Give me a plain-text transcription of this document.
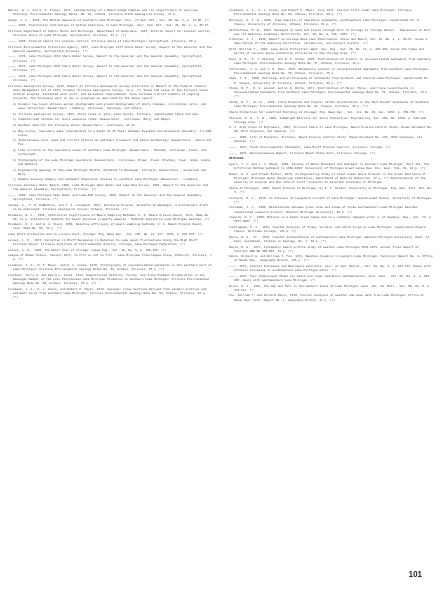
Wenner, W. C. and G. E. Fraser, 1971, Sedimentology of a Beach Ridge Complex and its significance in Land-use Planning: Environmental Geology Notes, No. 43, Urbana, Illinois State Geological Survey, 31 p.
Gough, J. L., 1970, The Bottom Deposits of Southern Lake Michigan: Jour. of Sed. Pet., Vol. 40, No. 2, p. 73-80. (*)
————, 1956, Preliminary indications of bottom materials in Lake Michigan: Jour. Sed. Pet., Vol. 26, No. 1, p. 36-37.
Illinois Department of Public Works and Buildings, Department of Waterways, 1953, Interim report for erosion control, Illinois Shore of Lake Michigan: Springfield, Illinois, 33 p. (*)
————, 1958, Interim report for erosion control, Illinois Shore of Lake Michigan: Springfield, Illinois, 59 p.
Illinois Environmental Protection Agency, 1973, Lake Michigan 1973 Shore Water Survey, Report to the Governor and the General Assembly, Springfield,Illinois. (*)
————, 1974, Lake Michigan 1974 Shore Water Survey, Report to the Governor and the General Assembly, Springfield, Illinois. (*)
————, 1975, Lake Michigan 1975 Shore Water Survey, Report to the Governor and the General Assembly, Springfield, Illinois. (*)
————, 1976, Lake Michigan 1976 Shore Water Survey, Report to the Governor and the General Assembly, Springfield, Illinois. (*)
Illinois Geological Survey, 1976, Report of Illinois Geological Survey Activities in Behalf of the Federal Coastal Zone Management Act of 1972, Urbana: Illinois Geological Survey, 12 p. (*) Shows the scope of the Illinois shore erosion program, estimated work costs, and personnel requirements. Also includes a brief summary of ongoing projects. The following work is now in progress as described by the above report:
a) Dynamic low level oblique aerial photography and ground photography of shore changes, circulation cells, and wave refraction: Researchers - Shabica, Collinson, Jennings, and others.
b) Illinois Geological Survey, 1975, Shore lines or gate, Lake County, Illinois, unpublished table and map.
c) Computerized studies for shore sequence rates: Researchers - Collinson, Berg, and Megan.
d) Weather data for the Illinois shore: Researchers - Collinson, et al.
e) Bay survey, nearshore maps (standardize to a depth of 25 feet) between Evanston and Wisconsin boundary, 1:1,600 scale.
f) Simultaneous wind, wave and current effects on sediment transport and beach morphology: Researchers - Davis and Fox.
g) Lake currents in the nearshore areas of southern Lake Michigan: Researchers - Monahan, Collinson, Green, and Cartwright.
h) Hydrography of the Lake Michigan nearshore: Researchers - Collinson, Brown, Olson, Bradley, Visor, Wade, Grebe, and Watkins.
i) Engineering geology of the Lake Michigan Bluffs, Wilmette to Waukegan, Illinois: Researchers - Gustavson and Berg.
j) Remote sensing imagery and sediment dispersion studies in southern Lake Michigan: Researcher - Lineback.
Illinois Sanitary Water Board, 1966, Lake Michigan Open Water and Lake Bed Survey, 1966, Report to the Governor and the General Assembly, Springfield, Illinois. (*)
————, 1969, Lake Michigan Open Water and Lake Bed Survey, 1969, Report to the Governor and the General Assembly, Springfield, Illinois. (*)
Jacobs, A., F. H. DeBettlin, and J. A. Lineback, 1971, Shoreline Erosion, Wilmette to Waukegan, a preliminary draft to be published: Illinois Geological Survey, Urbana, Illinois. (*)
Klumbers, W. C., 1956, Statistical Significance of Beach Sampling Methods: U. S. Beach Erosion Board, Tech. Memo No. 90, 11 p. Statistical methods for beach physical property samples - Methods applied to Lake Michigan beaches. (*)
Krumbein, W. C. and W. A. Slack, 1956, Relative efficiency of beach sampling methods: U. S. Beach Erosion Board, Tech. Memo No. 90, 34 p. (*)
Lake Shore Protection and in Lincoln Park, Chicago: Eng. News Rec., Vol. 105, No. 15, Oct. 1930, p. 576-578. (*)
Larsen, C. E., 1973, Variation in Bluff Recession in Relation to Lake Level Fluctuations Along the High Bluff Illinois Shore: Illinois Institute of Environmental Quality, Chicago, Lake Michigan Federation. (*)
Larsen, A. H., 1928, The Water Plan of Chicago: Lakes Eng., Vol. 19, No. 5, p. 190-195. (*)
League of Women Voters, January 1973, To Fill or not to Fill - Lake Michigan Interleague Group, Elmhurst, Illinois, 7 p. (*)
Lineback, J. A., W. F. Bayer, and D. L. Gross, 1970, Stratigraphy of unconsolidated sediments in the southern part of Lake Michigan: Illinois Environmental Geology Notes No. 35, Urbana, Illinois, 35 p. (*)
Lineback, Jerry A. and David L. Gross, 1972, Depositional Patterns, Facies, and Trace Element Accumulation in the Waukegan Member of the Late Pleistocene Lake Michigan Formation in Southern Lake Michigan: Illinois Environmental Geology Note No. 58, Urbana, Illinois, 25 p. (*)
Lineback, J. A., D. L. Gross, and Robert P. Meyer, 1972, Geologic Cross Sections Derived from seismic profiles and sediment cores from southern Lake Michigan: Illinois Environmental Geology Note No. 54, Urbana, Illinois, 43 p. (*)
Lineback, J. A., D. L. Gross, and Robert P. Meyer, July 1974, Glacial Tills under Lake Michigan: Illinois Environmental Geology Note No. 69, Urbana, Illinois, 48 p. (*)
McCleary, D. F. W., 1966, Time analysis of nearshore sediments, southwestern Lake Michigan: unpublished Ph. D. thesis, University of Illinois, Urbana, Illinois, 91 p. (*)
Oertterhaus, M. W., 1963, Movement of Sand and Gravel through Port of Chicago to Chicago Harbor - Impression on Port and its Waterway problems: World Ports, Vol. 19, No. 4, Feb. 1955. (*)
O'Rourke, J. J., 1940, Report on Chicago Wave Tank Experiments: Shore and Beach, Vol. 10, No. 4, p. 92-97. Gives a description of the modeling facilities, reliability, and project history. (*)
Pitt, William T., 1925, Lake Shore Protection: West. Soc. Eng., Vol. 30, No. 11, p. 425-436. Gives the types and merits of various shore protection structures in the Chicago area. (*)
Ruch, R. R., E. J. Kennedy, and N. F. Shimp, 1970, Distribution of Arsenic in unconsolidated Sediments from Southern Lake Michigan: Environmental Geology Note No. 37, Urbana, Illinois, 16 p.
Schleicher, J. A. and J. K. Kuhn, 1970, Phosphorus Content in unconsolidated Sediments from Southern Lake Michigan: Environmental Geology Note No. 39, Urbana, Illinois, 15 p.
Shaw, J. E., 1968, Petrology and stratigraphy of Sediments from Southern and Central Lake Michigan: unpublished Ph. D. thesis, University of Illinois, Urbana, Illinois, 92 p. (*)
Shimp, N. F., H. V. Leland, and W. R. White, 1971, Distribution of Major, Minor, and Trace Constituents in Unconsolidated Sediments from Southern Lake Michigan: Environmental Geology Note No. 32, Urbana, Illinois, 19 p. (*)
Shimp, N. F., et al., 1970, Trace Elements and Organic Carbon Accumulation in the Most Recent Sediments of Southern Lake Michigan: Environmental Geology Note No. 41, Urbana, Illinois, 25 p. (*)
Shore Protection for Lakefront Building at Chicago: Eng. News Rec., Vol. 111, No. 26, Dec. 1933, p. 765-766. (*)
Stevens, P. W., F. W., 1960, Submerged Barriers for Shore Protection: Engineering, Vol. 189, No. 4790, p. 226-229. Chicago area. (*)
U. S. Army Corps of Engineers, 1953, Illinois Shore of Lake Michigan, Beach Erosion Control Study: House Document No. 28, 83rd Congress, 1st Session. (*)
————, 1969, City of Evanston, Illinois, Beach Erosion Control Study: House Document No. 139, 90th Congress, 1st Session. (*)
————, 1971, Final Environmental Statement, Lake Bluff Erosion Control, Illinois: Chicago. (*)
————, 1972, Reconnaissance Report, Illinois Beach State Park, Illinois: Chicago. (*)
MICHIGAN
Ayers, J. C. and J. C. Hough, 1964, Studies of Water Movement and Sediment in southern Lake Michigan, Part III, The Artificial Bottom Sediment in 1962-1963: University of Michigan Great Lakes Res. Div. Spec. Pub. 19, 44 p. (*)
Bower, R. P. and Ernest Brater, 1970, An Engineering Study of Great Lakes Shore Erosion in the Great Peninsula of Michigan: Michigan Water Resources Commission, Department of Natural Resources, 47 p. (*) Determination of the severity of erosion and the rate of bluff recession at selected locations in Michigan.
State of Michigan, 1950, Beach Erosion in Michigan, by E. F. Brater: University of Michigan, Eng. Res. Inst. Pub. No. 5. (*)
Cartwick, R. C., 1970, An Analysis of Longshore Current of Lake Michigan: unpublished thesis, University of Michigan. (*)
Colleman, J. L., 1969, Relationship between grain size and slope of three southeastern Lake Michigan beaches: unpublished research project, Western Michigan University, 62 p. (*)
Cassidy, G. T., 1968, Motions in a model Great Lakes due to a suddenly imposed wind: J. of Geophys. Res., Vol. 73, p. 5977-5987. (*)
Cunningham, P. J., 1975, Coastal Analysis of Tides, Surface, and Storm Surge on Lake Michigan: unpublished Honors thesis, Williams College, 125 p. (*)
Davis, R. A., Jr., 1970, Coastal Sedimentation of southeastern Lake Michigan: Western Michigan University, Dept. of Geol. Guidebook, Studies in Geology, No. 1, 50 p. (*)
Davis, R. A., 1971, Systematic beach profile study of eastern Lake Michigan 1970-1971: Annual Final Report of Contract ONR NR 388-092, 14 p. (*)
Davis, Richard A. and William T. Fox, 1971, Beaches dynamics in eastern Lake Michigan: Technical Report No. 4, Office of Naval Res., Geography Branch, 145 p. (*)
————, 1972, Coastal Processes and Nearshore sand bars: Jour. of Sed. Petrol., Vol. 42, No. 2, p. 401-412. Deals with offshore processes in southeastern Lake Michigan shore. (*)
————, 1974, Four-dimensional Model for beach and inner nearshore sedimentation: Jour. Geol., Vol. 82, No. 4, p. 484-493. Deals with southeastern Lake Michigan. (*)
Dixon, P. J., 1967, The Gap and Fall in the western shore of Lake Michigan: Geol. Soc. Am. Bull., Vol. 88, No. 9, p. 476-511. (*)
Fox, William T. and Richard Davis, 1970, Fourier Analysis of weather and wave data from Lake Michigan: Office of Naval Res. Tech. Report No. 1, Geography Branch, 47 p. (*)
101
